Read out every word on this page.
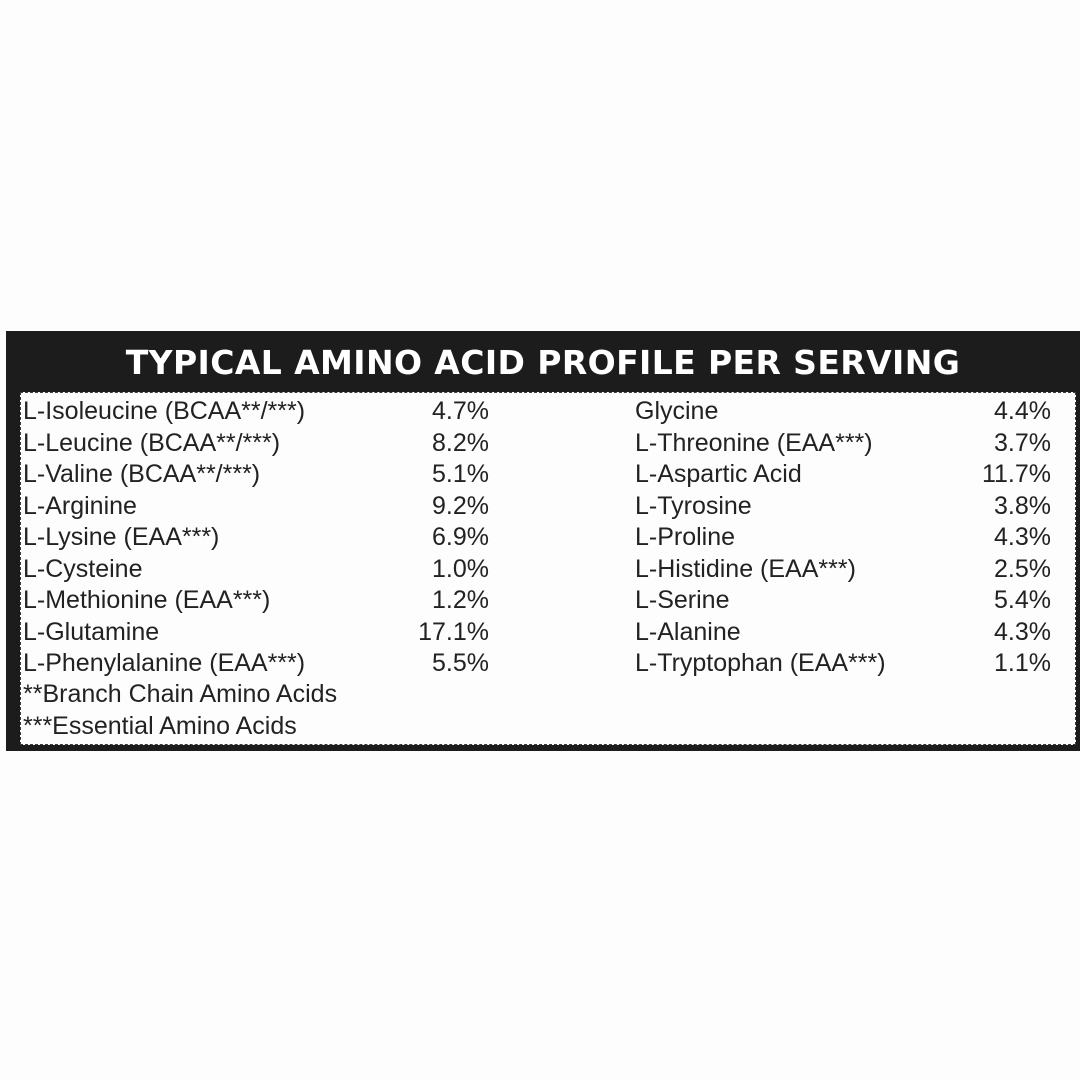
TYPICAL AMINO ACID PROFILE PER SERVING
L-Isoleucine (BCAA**/***)	4.7%
L-Leucine (BCAA**/***)	8.2%
L-Valine (BCAA**/***)	5.1%
L-Arginine	9.2%
L-Lysine (EAA***)	6.9%
L-Cysteine	1.0%
L-Methionine (EAA***)	1.2%
L-Glutamine	17.1%
L-Phenylalanine (EAA***)	5.5%
Glycine	4.4%
L-Threonine (EAA***)	3.7%
L-Aspartic Acid	11.7%
L-Tyrosine	3.8%
L-Proline	4.3%
L-Histidine (EAA***)	2.5%
L-Serine	5.4%
L-Alanine	4.3%
L-Tryptophan (EAA***)	1.1%
**Branch Chain Amino Acids
***Essential Amino Acids
